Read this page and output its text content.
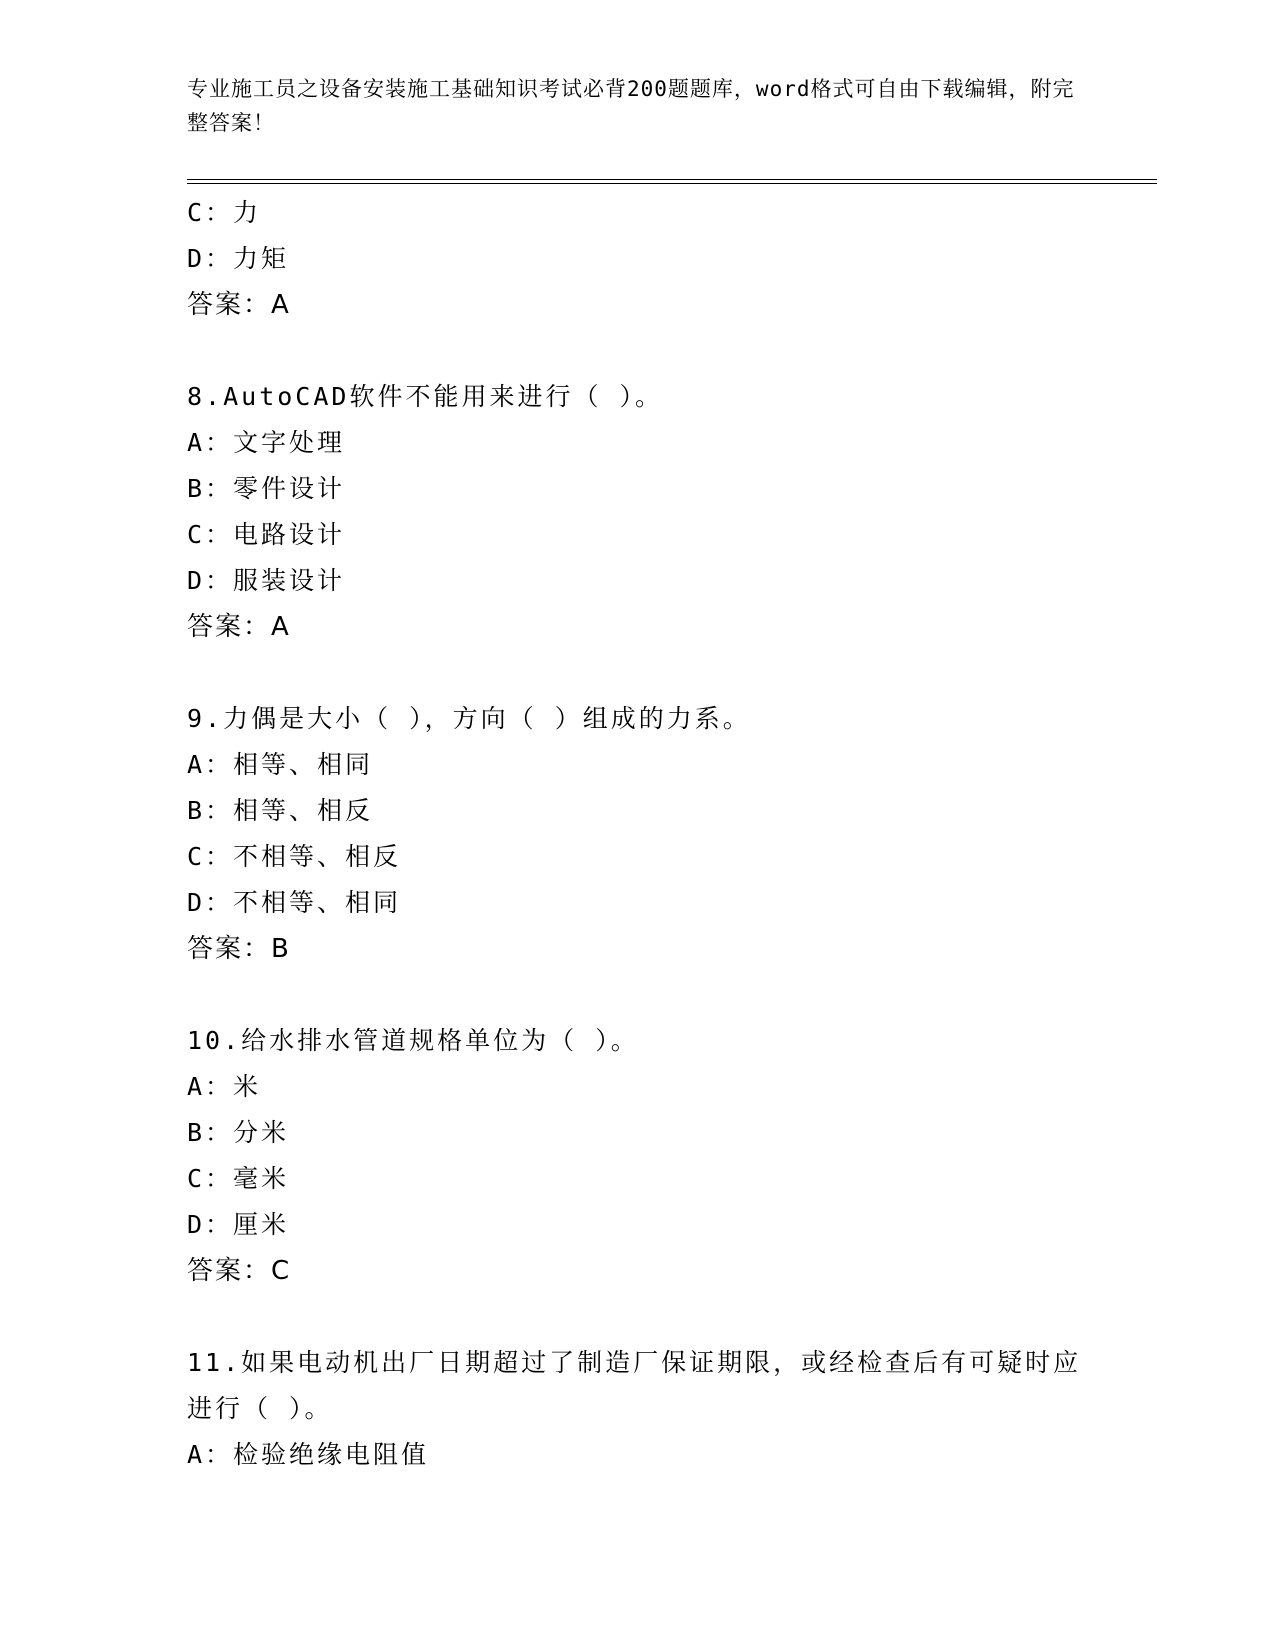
专业施工员之设备安装施工基础知识考试必背200题题库，word格式可自由下载编辑，附完整答案！
C：力
D：力矩
答案：A
8.AutoCAD软件不能用来进行（ ）。
A：文字处理
B：零件设计
C：电路设计
D：服装设计
答案：A
9.力偶是大小（ ），方向（ ）组成的力系。
A：相等、相同
B：相等、相反
C：不相等、相反
D：不相等、相同
答案：B
10.给水排水管道规格单位为（ ）。
A：米
B：分米
C：毫米
D：厘米
答案：C
11.如果电动机出厂日期超过了制造厂保证期限，或经检查后有可疑时应进行（ ）。
A：检验绝缘电阻值
